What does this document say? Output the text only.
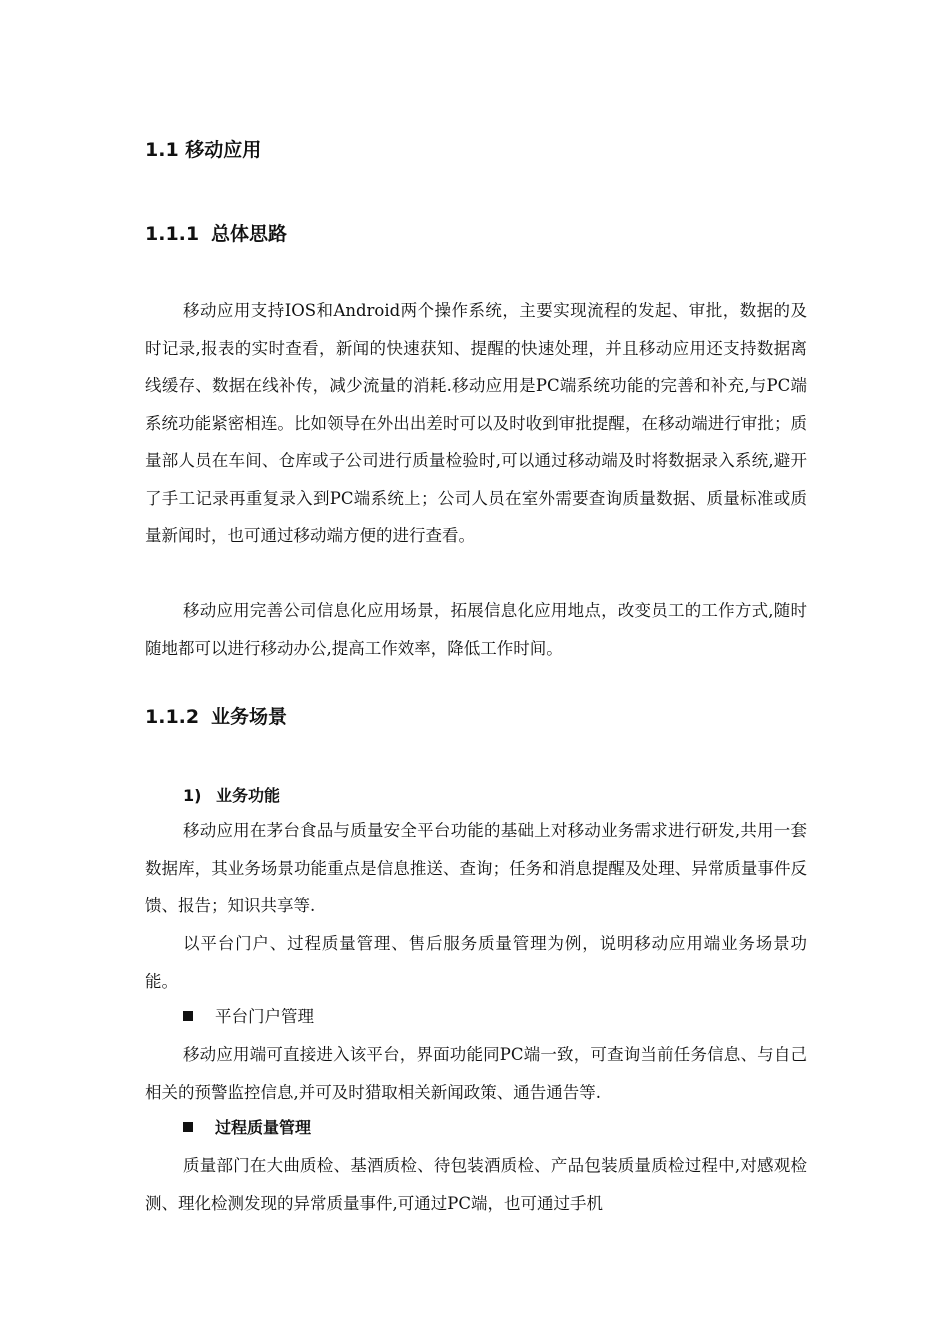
1.1 移动应用
1.1.1 总体思路

移动应用支持IOS和Android两个操作系统，主要实现流程的发起、审批，数据的及时记录,报表的实时查看，新闻的快速获知、提醒的快速处理，并且移动应用还支持数据离线缓存、数据在线补传，减少流量的消耗.移动应用是PC端系统功能的完善和补充,与PC端系统功能紧密相连。比如领导在外出出差时可以及时收到审批提醒，在移动端进行审批；质量部人员在车间、仓库或子公司进行质量检验时,可以通过移动端及时将数据录入系统,避开了手工记录再重复录入到PC端系统上；公司人员在室外需要查询质量数据、质量标准或质量新闻时，也可通过移动端方便的进行查看。

移动应用完善公司信息化应用场景，拓展信息化应用地点，改变员工的工作方式,随时随地都可以进行移动办公,提高工作效率，降低工作时间。

1.1.2 业务场景
1) 业务功能

移动应用在茅台食品与质量安全平台功能的基础上对移动业务需求进行研发,共用一套数据库，其业务场景功能重点是信息推送、查询；任务和消息提醒及处理、异常质量事件反馈、报告；知识共享等.

以平台门户、过程质量管理、售后服务质量管理为例，说明移动应用端业务场景功能。

平台门户管理

移动应用端可直接进入该平台，界面功能同PC端一致，可查询当前任务信息、与自己相关的预警监控信息,并可及时猎取相关新闻政策、通告通告等.

过程质量管理

质量部门在大曲质检、基酒质检、待包装酒质检、产品包装质量质检过程中,对感观检测、理化检测发现的异常质量事件,可通过PC端，也可通过手机
